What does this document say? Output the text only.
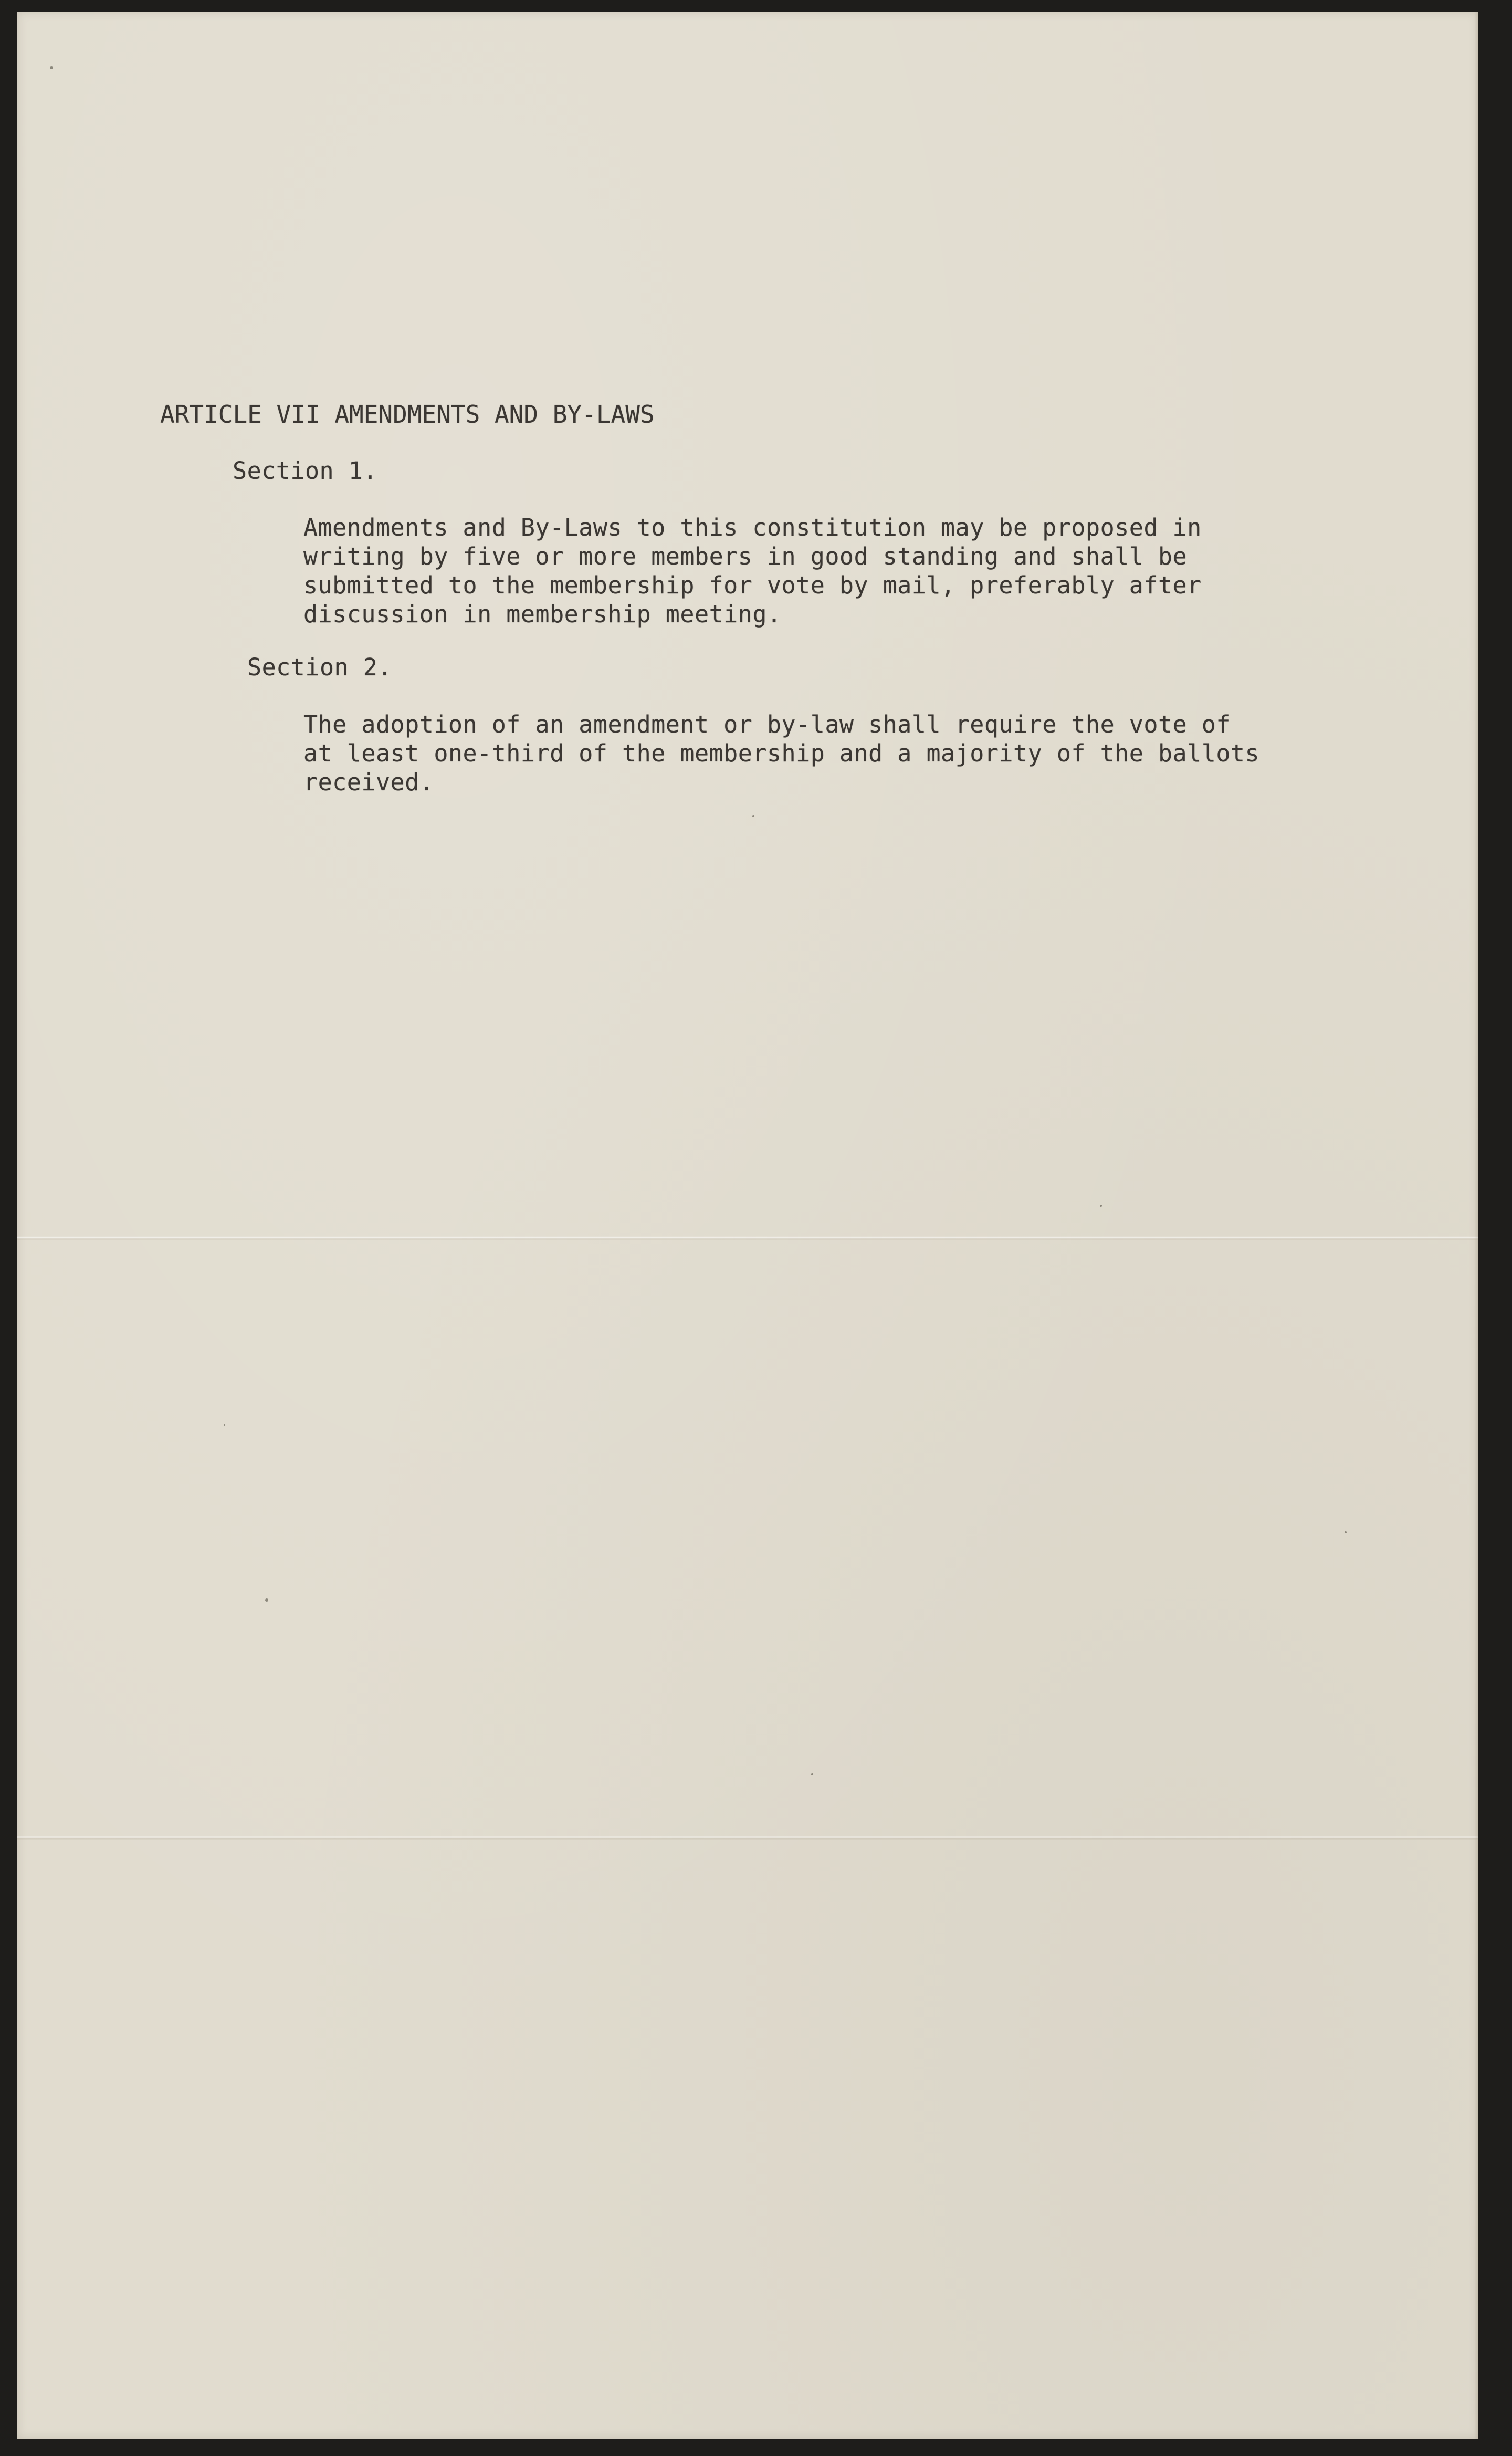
ARTICLE VII AMENDMENTS AND BY-LAWS

Section 1.

Amendments and By-Laws to this constitution may be proposed in
writing by five or more members in good standing and shall be
submitted to the membership for vote by mail, preferably after
discussion in membership meeting.

Section 2.

The adoption of an amendment or by-law shall require the vote of
at least one-third of the membership and a majority of the ballots
received.
